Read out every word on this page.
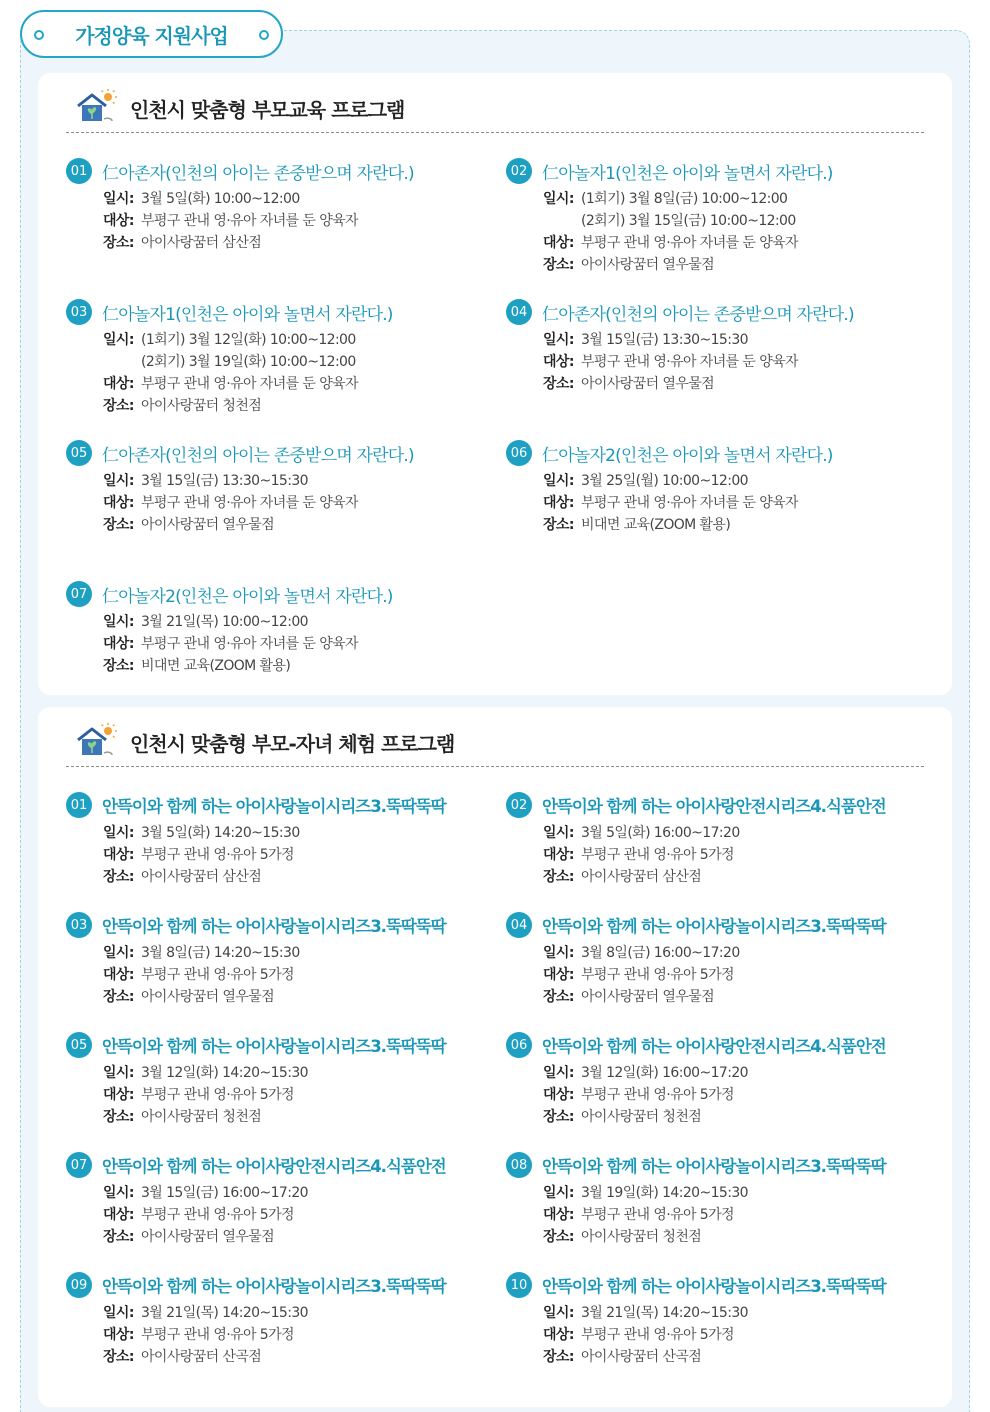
가정양육 지원사업
인천시 맞춤형 부모교육 프로그램
01 仁아존자(인천의 아이는 존중받으며 자란다.)
일시: 3월 5일(화) 10:00~12:00
대상: 부평구 관내 영·유아 자녀를 둔 양육자
장소: 아이사랑꿈터 삼산점
02 仁아놀자1(인천은 아이와 놀면서 자란다.)
일시: (1회기) 3월 8일(금) 10:00~12:00
(2회기) 3월 15일(금) 10:00~12:00
대상: 부평구 관내 영·유아 자녀를 둔 양육자
장소: 아이사랑꿈터 열우물점
03 仁아놀자1(인천은 아이와 놀면서 자란다.)
일시: (1회기) 3월 12일(화) 10:00~12:00
(2회기) 3월 19일(화) 10:00~12:00
대상: 부평구 관내 영·유아 자녀를 둔 양육자
장소: 아이사랑꿈터 청천점
04 仁아존자(인천의 아이는 존중받으며 자란다.)
일시: 3월 15일(금) 13:30~15:30
대상: 부평구 관내 영·유아 자녀를 둔 양육자
장소: 아이사랑꿈터 열우물점
05 仁아존자(인천의 아이는 존중받으며 자란다.)
일시: 3월 15일(금) 13:30~15:30
대상: 부평구 관내 영·유아 자녀를 둔 양육자
장소: 아이사랑꿈터 열우물점
06 仁아놀자2(인천은 아이와 놀면서 자란다.)
일시: 3월 25일(월) 10:00~12:00
대상: 부평구 관내 영·유아 자녀를 둔 양육자
장소: 비대면 교육(ZOOM 활용)
07 仁아놀자2(인천은 아이와 놀면서 자란다.)
일시: 3월 21일(목) 10:00~12:00
대상: 부평구 관내 영·유아 자녀를 둔 양육자
장소: 비대면 교육(ZOOM 활용)
인천시 맞춤형 부모-자녀 체험 프로그램
01 안뜩이와 함께 하는 아이사랑놀이시리즈3.뚝딱뚝딱
일시: 3월 5일(화) 14:20~15:30
대상: 부평구 관내 영·유아 5가정
장소: 아이사랑꿈터 삼산점
02 안뜩이와 함께 하는 아이사랑안전시리즈4.식품안전
일시: 3월 5일(화) 16:00~17:20
대상: 부평구 관내 영·유아 5가정
장소: 아이사랑꿈터 삼산점
03 안뜩이와 함께 하는 아이사랑놀이시리즈3.뚝딱뚝딱
일시: 3월 8일(금) 14:20~15:30
대상: 부평구 관내 영·유아 5가정
장소: 아이사랑꿈터 열우물점
04 안뜩이와 함께 하는 아이사랑놀이시리즈3.뚝딱뚝딱
일시: 3월 8일(금) 16:00~17:20
대상: 부평구 관내 영·유아 5가정
장소: 아이사랑꿈터 열우물점
05 안뜩이와 함께 하는 아이사랑놀이시리즈3.뚝딱뚝딱
일시: 3월 12일(화) 14:20~15:30
대상: 부평구 관내 영·유아 5가정
장소: 아이사랑꿈터 청천점
06 안뜩이와 함께 하는 아이사랑안전시리즈4.식품안전
일시: 3월 12일(화) 16:00~17:20
대상: 부평구 관내 영·유아 5가정
장소: 아이사랑꿈터 청천점
07 안뜩이와 함께 하는 아이사랑안전시리즈4.식품안전
일시: 3월 15일(금) 16:00~17:20
대상: 부평구 관내 영·유아 5가정
장소: 아이사랑꿈터 열우물점
08 안뜩이와 함께 하는 아이사랑놀이시리즈3.뚝딱뚝딱
일시: 3월 19일(화) 14:20~15:30
대상: 부평구 관내 영·유아 5가정
장소: 아이사랑꿈터 청천점
09 안뜩이와 함께 하는 아이사랑놀이시리즈3.뚝딱뚝딱
일시: 3월 21일(목) 14:20~15:30
대상: 부평구 관내 영·유아 5가정
장소: 아이사랑꿈터 산곡점
10 안뜩이와 함께 하는 아이사랑놀이시리즈3.뚝딱뚝딱
일시: 3월 21일(목) 14:20~15:30
대상: 부평구 관내 영·유아 5가정
장소: 아이사랑꿈터 산곡점
